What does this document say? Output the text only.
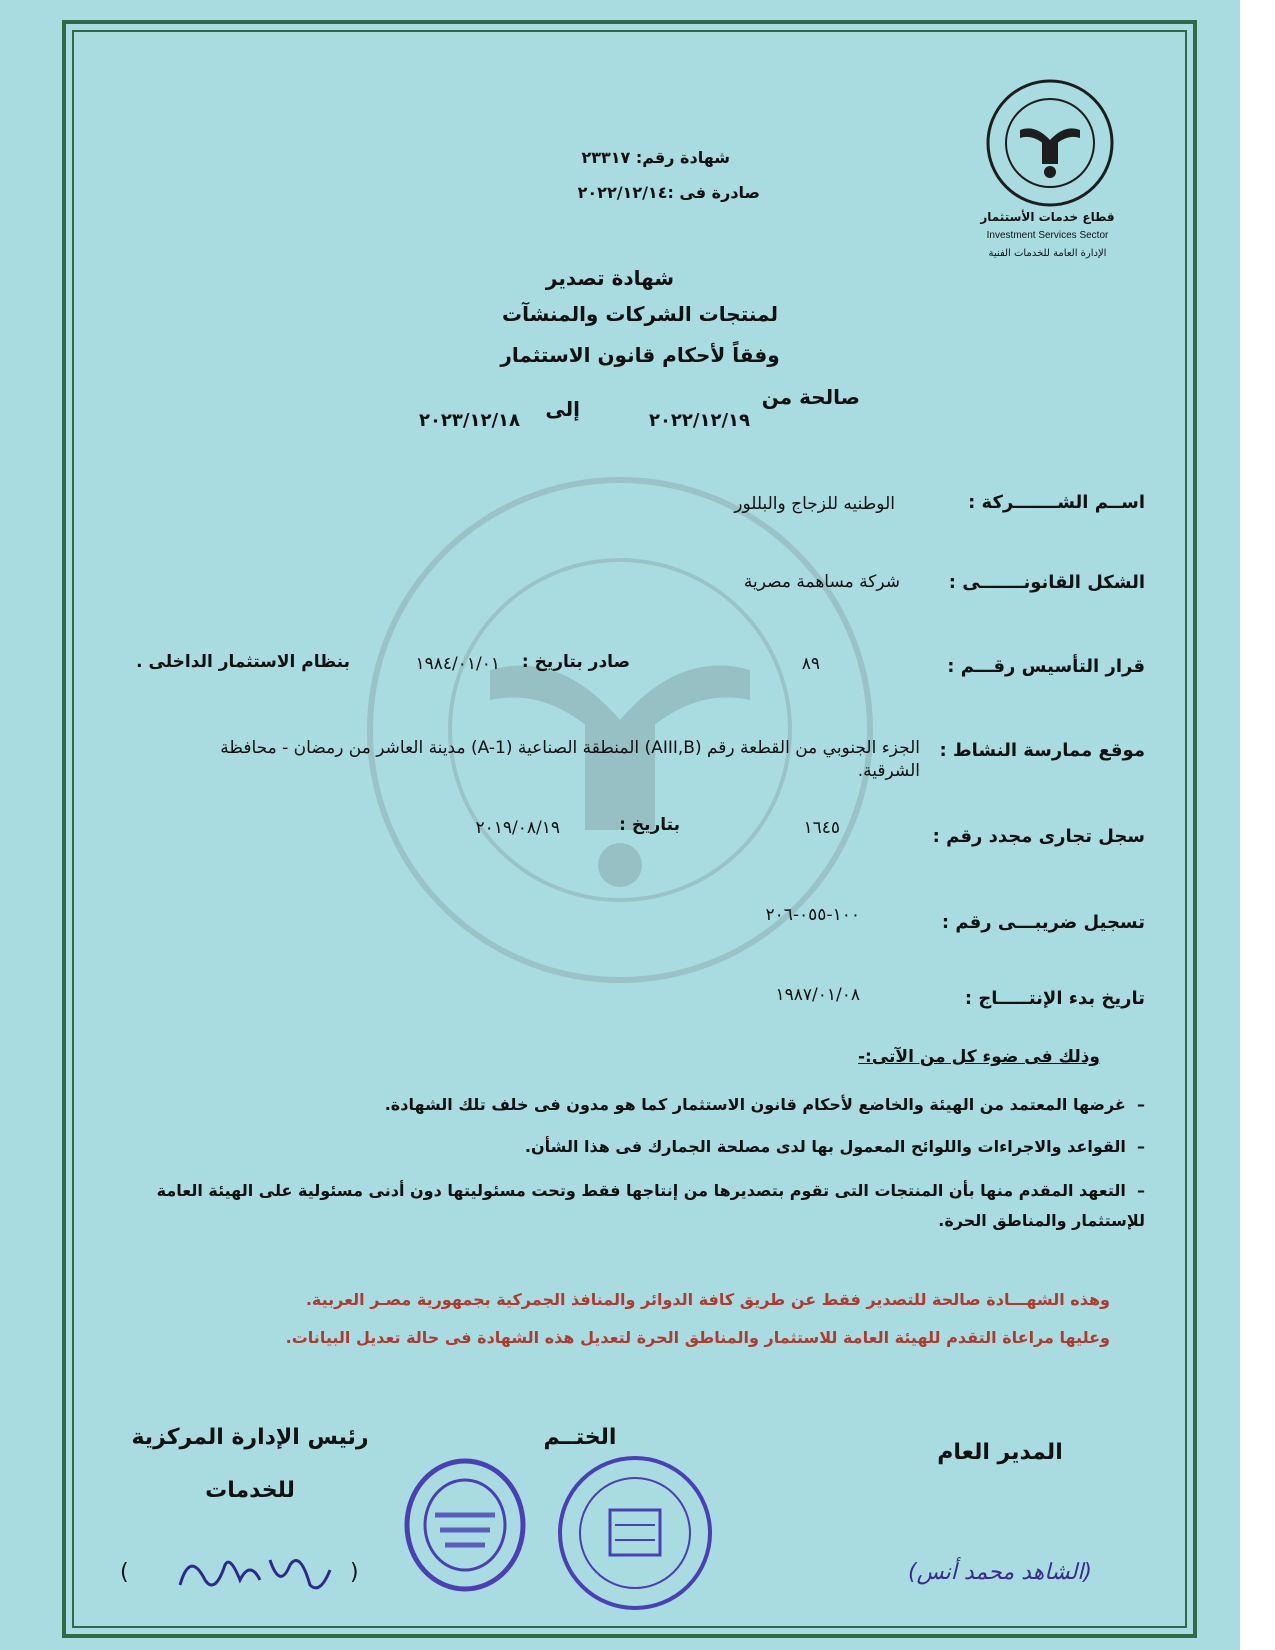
قطاع خدمات الأستثمار
Investment Services Sector
الإدارة العامة للخدمات الفنية
شهادة رقم: ٢٣٣١٧
صادرة فى :٢٠٢٢/١٢/١٤
شهادة تصدير
لمنتجات الشركات والمنشآت
وفقاً لأحكام قانون الاستثمار
صالحة من
إلى	٢٠٢٢/١٢/١٩
٢٠٢٣/١٢/١٨
اســم الشـــــــركة :
الوطنيه للزجاج والبللور
الشكل القانونـــــــى :
شركة مساهمة مصرية
قرار التأسيس رقـــم :
٨٩
صادر بتاريخ :
١٩٨٤/٠١/٠١
بنظام الاستثمار الداخلى .
موقع ممارسة النشاط :
الجزء الجنوبي من القطعة رقم (AIII,B) المنطقة الصناعية (A-1) مدينة العاشر من رمضان - محافظة الشرقية.
سجل تجارى مجدد رقم :
١٦٤٥
بتاريخ :
٢٠١٩/٠٨/١٩
تسجيل ضريبـــى رقم :
١٠٠-٠٥٥-٢٠٦
تاريخ بدء الإنتـــــاج :
١٩٨٧/٠١/٠٨
وذلك فى ضوء كل من الآتى:-
–  غرضها المعتمد من الهيئة والخاضع لأحكام قانون الاستثمار كما هو مدون فى خلف تلك الشهادة.
–  القواعد والاجراءات واللوائح المعمول بها لدى مصلحة الجمارك فى هذا الشأن.
–  التعهد المقدم منها بأن المنتجات التى تقوم بتصديرها من إنتاجها فقط وتحت مسئوليتها دون أدنى مسئولية على الهيئة العامة للإستثمار والمناطق الحرة.
وهذه الشهـــادة صالحة للتصدير فقط عن طريق كافة الدوائر والمنافذ الجمركية بجمهورية مصـر العربية.
وعليها مراعاة التقدم للهيئة العامة للاستثمار والمناطق الحرة لتعديل هذه الشهادة فى حالة تعديل البيانات.
المدير العام
(الشاهد محمد أنس)
الختــم
رئيس الإدارة المركزية
للخدمات
(	)
